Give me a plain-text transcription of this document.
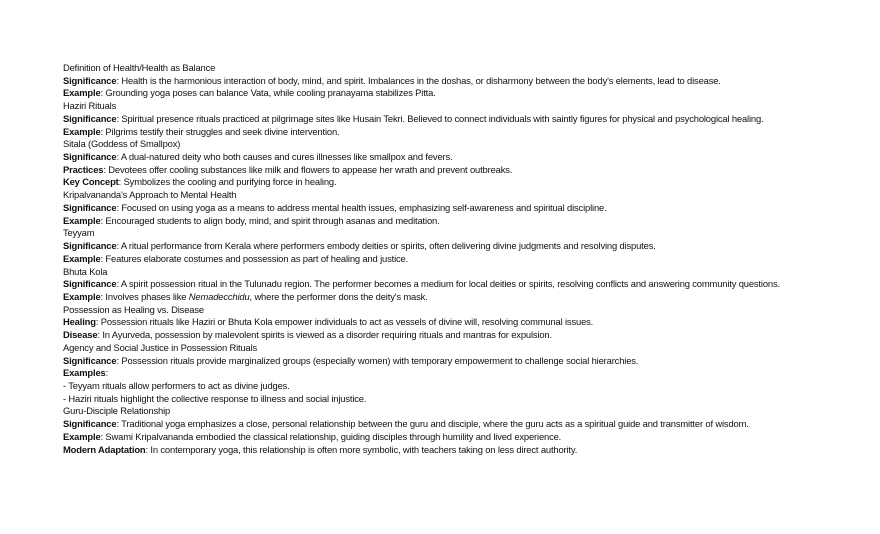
Definition of Health/Health as Balance
Significance: Health is the harmonious interaction of body, mind, and spirit. Imbalances in the doshas, or disharmony between the body's elements, lead to disease.
Example: Grounding yoga poses can balance Vata, while cooling pranayama stabilizes Pitta.
Haziri Rituals
Significance: Spiritual presence rituals practiced at pilgrimage sites like Husain Tekri. Believed to connect individuals with saintly figures for physical and psychological healing.
Example: Pilgrims testify their struggles and seek divine intervention.
Sitala (Goddess of Smallpox)
Significance: A dual-natured deity who both causes and cures illnesses like smallpox and fevers.
Practices: Devotees offer cooling substances like milk and flowers to appease her wrath and prevent outbreaks.
Key Concept: Symbolizes the cooling and purifying force in healing.
Kripalvananda's Approach to Mental Health
Significance: Focused on using yoga as a means to address mental health issues, emphasizing self-awareness and spiritual discipline.
Example: Encouraged students to align body, mind, and spirit through asanas and meditation.
Teyyam
Significance: A ritual performance from Kerala where performers embody deities or spirits, often delivering divine judgments and resolving disputes.
Example: Features elaborate costumes and possession as part of healing and justice.
Bhuta Kola
Significance: A spirit possession ritual in the Tulunadu region. The performer becomes a medium for local deities or spirits, resolving conflicts and answering community questions.
Example: Involves phases like Nemadecchidu, where the performer dons the deity's mask.
Possession as Healing vs. Disease
Healing: Possession rituals like Haziri or Bhuta Kola empower individuals to act as vessels of divine will, resolving communal issues.
Disease: In Ayurveda, possession by malevolent spirits is viewed as a disorder requiring rituals and mantras for expulsion.
Agency and Social Justice in Possession Rituals
Significance: Possession rituals provide marginalized groups (especially women) with temporary empowerment to challenge social hierarchies.
Examples:
- Teyyam rituals allow performers to act as divine judges.
- Haziri rituals highlight the collective response to illness and social injustice.
Guru-Disciple Relationship
Significance: Traditional yoga emphasizes a close, personal relationship between the guru and disciple, where the guru acts as a spiritual guide and transmitter of wisdom.
Example: Swami Kripalvananda embodied the classical relationship, guiding disciples through humility and lived experience.
Modern Adaptation: In contemporary yoga, this relationship is often more symbolic, with teachers taking on less direct authority.
